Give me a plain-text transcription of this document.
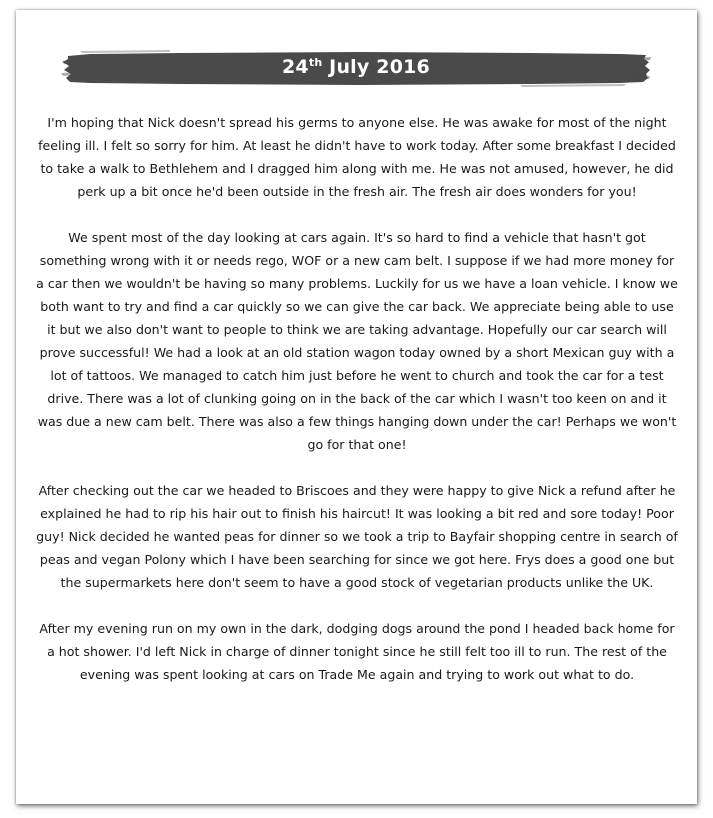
24th July 2016

I'm hoping that Nick doesn't spread his germs to anyone else. He was awake for most of the night feeling ill. I felt so sorry for him. At least he didn't have to work today. After some breakfast I decided to take a walk to Bethlehem and I dragged him along with me. He was not amused, however, he did perk up a bit once he'd been outside in the fresh air. The fresh air does wonders for you!

We spent most of the day looking at cars again. It's so hard to find a vehicle that hasn't got something wrong with it or needs rego, WOF or a new cam belt. I suppose if we had more money for a car then we wouldn't be having so many problems. Luckily for us we have a loan vehicle. I know we both want to try and find a car quickly so we can give the car back. We appreciate being able to use it but we also don't want to people to think we are taking advantage. Hopefully our car search will prove successful! We had a look at an old station wagon today owned by a short Mexican guy with a lot of tattoos. We managed to catch him just before he went to church and took the car for a test drive. There was a lot of clunking going on in the back of the car which I wasn't too keen on and it was due a new cam belt. There was also a few things hanging down under the car! Perhaps we won't go for that one!

After checking out the car we headed to Briscoes and they were happy to give Nick a refund after he explained he had to rip his hair out to finish his haircut! It was looking a bit red and sore today! Poor guy! Nick decided he wanted peas for dinner so we took a trip to Bayfair shopping centre in search of peas and vegan Polony which I have been searching for since we got here. Frys does a good one but the supermarkets here don't seem to have a good stock of vegetarian products unlike the UK.

After my evening run on my own in the dark, dodging dogs around the pond I headed back home for a hot shower. I'd left Nick in charge of dinner tonight since he still felt too ill to run. The rest of the evening was spent looking at cars on Trade Me again and trying to work out what to do.
